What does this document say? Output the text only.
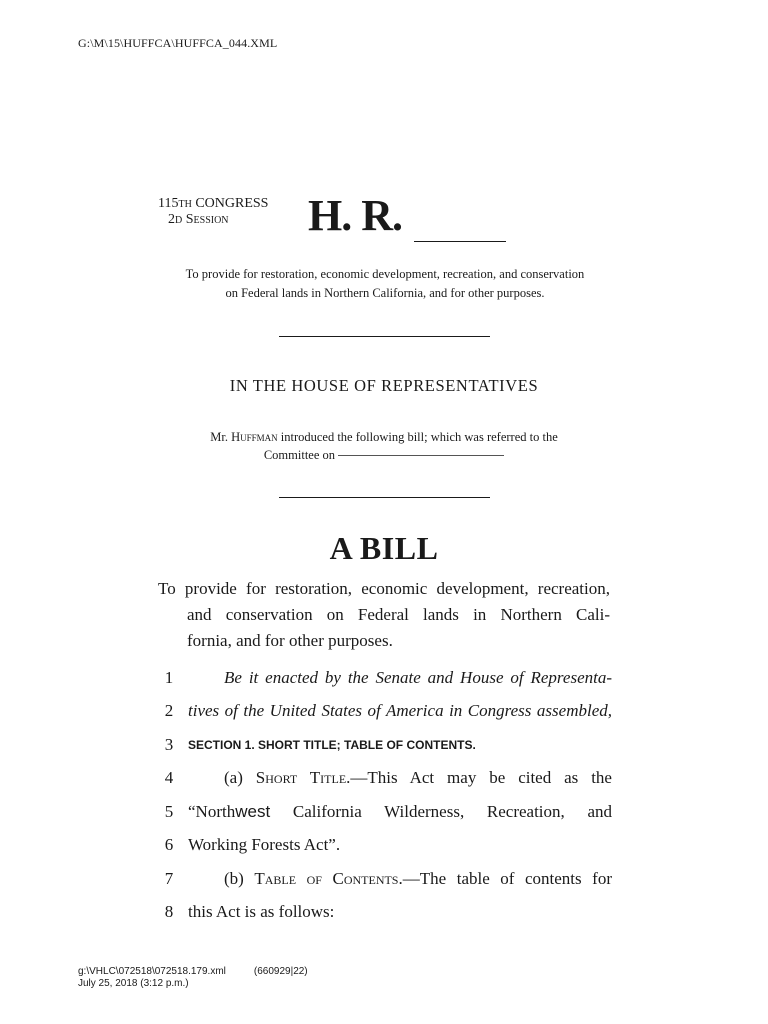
G:\M\15\HUFFCA\HUFFCA_044.XML
115th CONGRESS
2d Session	H. R.
To provide for restoration, economic development, recreation, and conservation
on Federal lands in Northern California, and for other purposes.
IN THE HOUSE OF REPRESENTATIVES
Mr. Huffman introduced the following bill; which was referred to the
Committee on
A BILL
To provide for restoration, economic development, recreation,
and conservation on Federal lands in Northern Cali-
fornia, and for other purposes.
1	Be it enacted by the Senate and House of Representa-
2 tives of the United States of America in Congress assembled,
3	SECTION 1. SHORT TITLE; TABLE OF CONTENTS.
4	(a) Short Title.—This Act may be cited as the
5 “Northwest California Wilderness, Recreation, and
6 Working Forests Act”.
7	(b) Table of Contents.—The table of contents for
8 this Act is as follows:
g:\VHLC\072518\072518.179.xml	(660929|22)
July 25, 2018 (3:12 p.m.)
